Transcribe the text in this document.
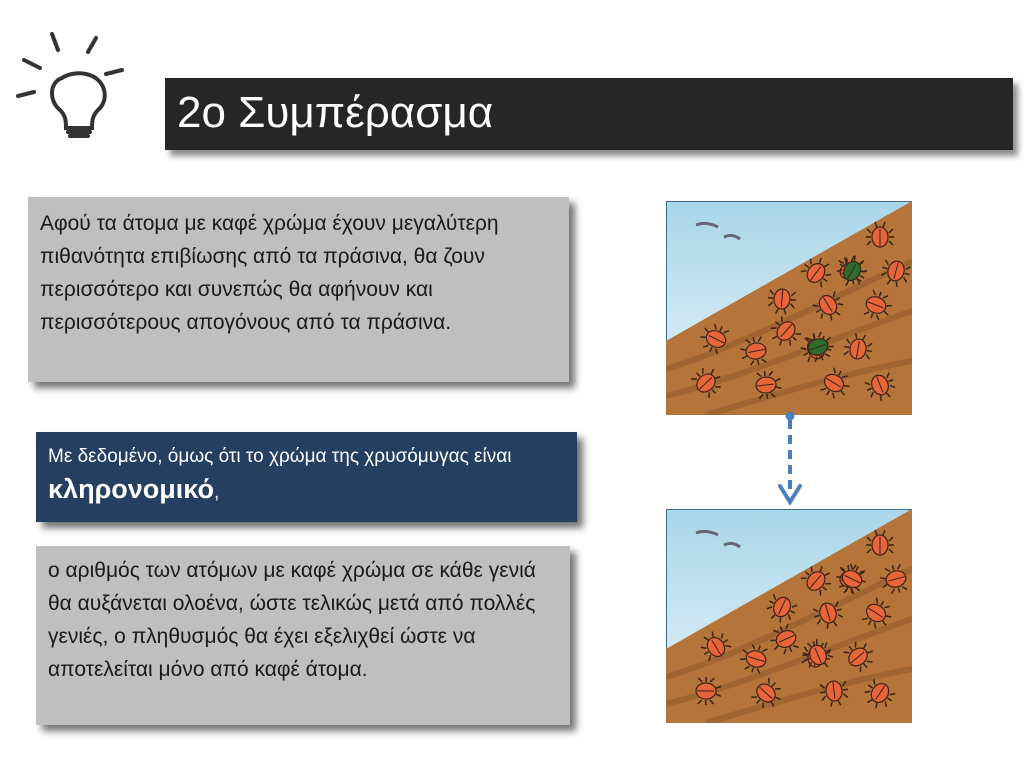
2ο Συμπέρασμα
Αφού τα άτομα με καφέ χρώμα έχουν μεγαλύτερη πιθανότητα επιβίωσης από τα πράσινα, θα ζουν περισσότερο και συνεπώς θα αφήνουν και περισσότερους απογόνους από τα πράσινα.
Με δεδομένο, όμως ότι το χρώμα της χρυσόμυγας είναι κληρονομικό,
ο αριθμός των ατόμων με καφέ χρώμα σε κάθε γενιά θα αυξάνεται ολοένα, ώστε τελικώς μετά από πολλές γενιές, ο πληθυσμός θα έχει εξελιχθεί ώστε να αποτελείται μόνο από καφέ άτομα.
